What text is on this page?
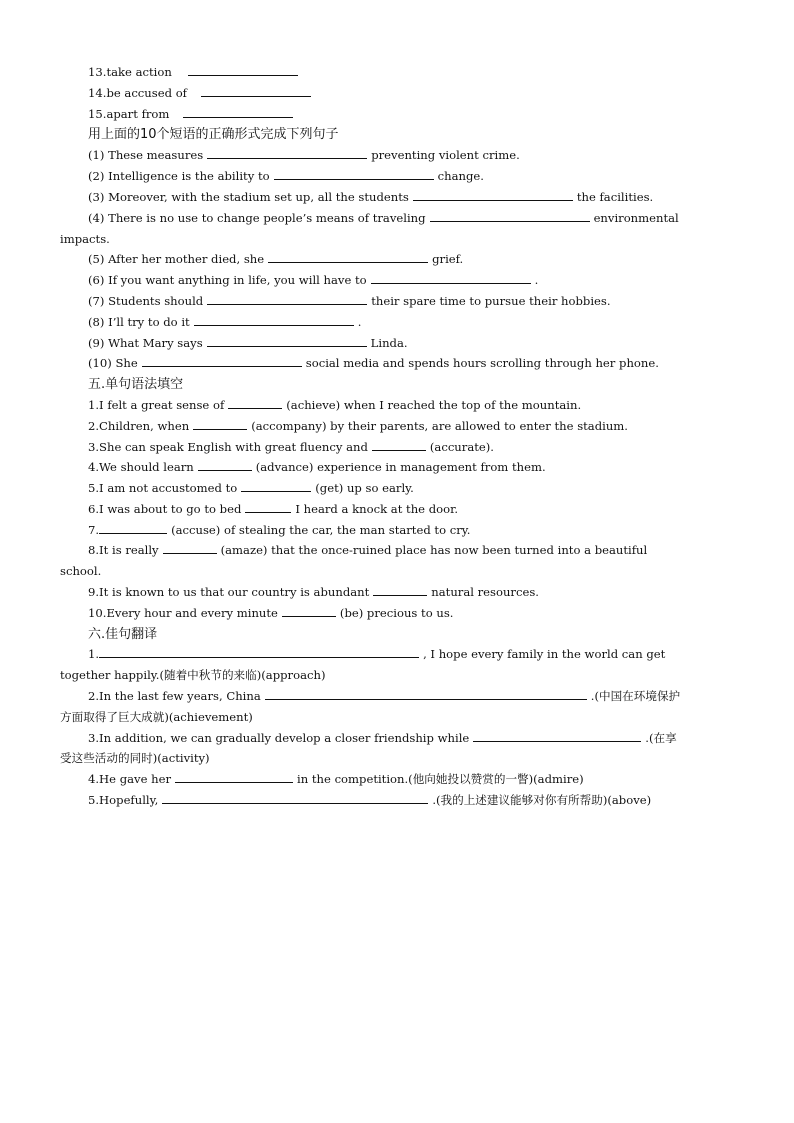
13.take action
14.be accused of
15.apart from
用上面的10个短语的正确形式完成下列句子
(1) These measures	preventing violent crime.
(2) Intelligence is the ability to	change.
(3) Moreover, with the stadium set up, all the students	the facilities.
(4) There is no use to change people’s means of traveling	environmental
impacts.
(5) After her mother died, she	grief.
(6) If you want anything in life, you will have to	.
(7) Students should	their spare time to pursue their hobbies.
(8) I’ll try to do it	.
(9) What Mary says	Linda.
(10) She	social media and spends hours scrolling through her phone.
五.单句语法填空
1.I felt a great sense of	(achieve) when I reached the top of the mountain.
2.Children, when	(accompany) by their parents, are allowed to enter the stadium.
3.She can speak English with great fluency and	(accurate).
4.We should learn	(advance) experience in management from them.
5.I am not accustomed to	(get) up so early.
6.I was about to go to bed	I heard a knock at the door.
7.	(accuse) of stealing the car, the man started to cry.
8.It is really	(amaze) that the once-ruined place has now been turned into a beautiful
school.
9.It is known to us that our country is abundant	natural resources.
10.Every hour and every minute	(be) precious to us.
六.佳句翻译
1.	, I hope every family in the world can get
together happily.(随着中秋节的来临)(approach)
2.In the last few years, China	.(中国在环境保护
方面取得了巨大成就)(achievement)
3.In addition, we can gradually develop a closer friendship while	.(在享
受这些活动的同时)(activity)
4.He gave her	in the competition.(他向她投以赞赏的一瞥)(admire)
5.Hopefully,	.(我的上述建议能够对你有所帮助)(above)
